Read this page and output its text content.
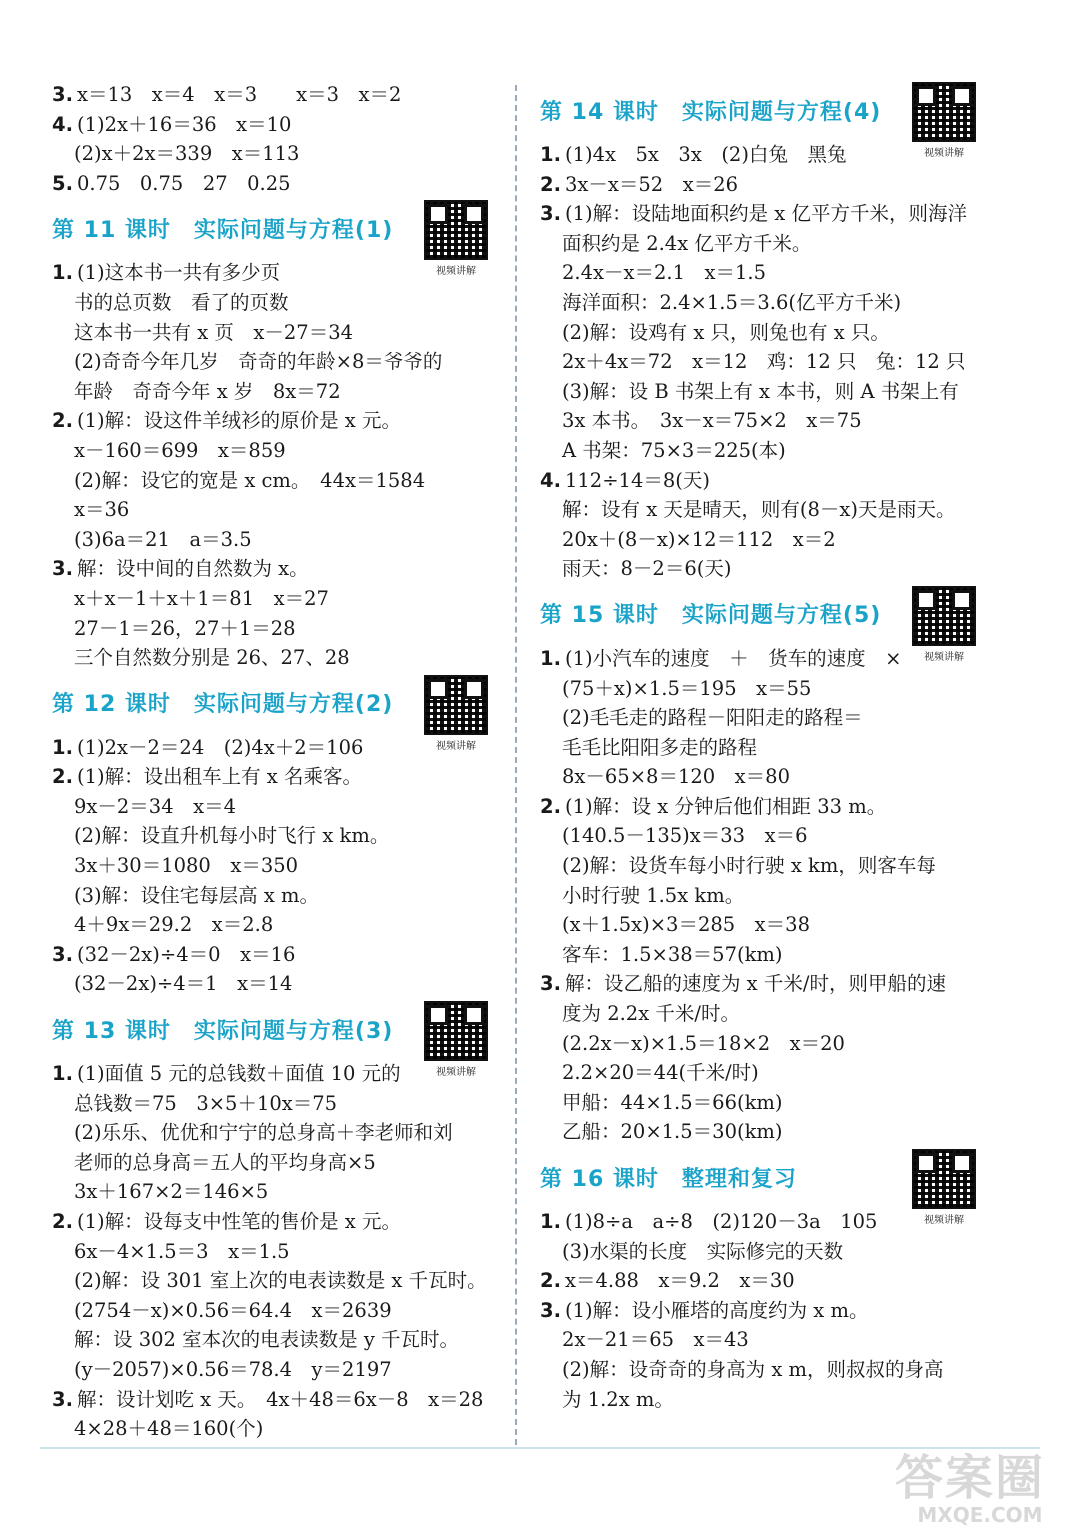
3. x＝13　x＝4　x＝3　　x＝3　x＝2
4. (1)2x＋16＝36　x＝10
(2)x＋2x＝339　x＝113
5. 0.75　0.75　27　0.25
第 11 课时　实际问题与方程(1)
视频讲解
1. (1)这本书一共有多少页
书的总页数　看了的页数
这本书一共有 x 页　x－27＝34
(2)奇奇今年几岁　奇奇的年龄×8＝爷爷的
年龄　奇奇今年 x 岁　8x＝72
2. (1)解：设这件羊绒衫的原价是 x 元。
x－160＝699　x＝859
(2)解：设它的宽是 x cm。　44x＝1584
x＝36
(3)6a＝21　a＝3.5
3. 解：设中间的自然数为 x。
x＋x－1＋x＋1＝81　x＝27
27－1＝26，27＋1＝28
三个自然数分别是 26、27、28
第 12 课时　实际问题与方程(2)
视频讲解
1. (1)2x－2＝24　(2)4x＋2＝106
2. (1)解：设出租车上有 x 名乘客。
9x－2＝34　x＝4
(2)解：设直升机每小时飞行 x km。
3x＋30＝1080　x＝350
(3)解：设住宅每层高 x m。
4＋9x＝29.2　x＝2.8
3. (32－2x)÷4＝0　x＝16
(32－2x)÷4＝1　x＝14
第 13 课时　实际问题与方程(3)
视频讲解
1. (1)面值 5 元的总钱数＋面值 10 元的
总钱数＝75　3×5＋10x＝75
(2)乐乐、优优和宁宁的总身高＋李老师和刘
老师的总身高＝五人的平均身高×5
3x＋167×2＝146×5
2. (1)解：设每支中性笔的售价是 x 元。
6x－4×1.5＝3　x＝1.5
(2)解：设 301 室上次的电表读数是 x 千瓦时。
(2754－x)×0.56＝64.4　x＝2639
解：设 302 室本次的电表读数是 y 千瓦时。
(y－2057)×0.56＝78.4　y＝2197
3. 解：设计划吃 x 天。　4x＋48＝6x－8　x＝28
4×28＋48＝160(个)
第 14 课时　实际问题与方程(4)
视频讲解
1. (1)4x　5x　3x　(2)白兔　黑兔
2. 3x－x＝52　x＝26
3. (1)解：设陆地面积约是 x 亿平方千米，则海洋
面积约是 2.4x 亿平方千米。
2.4x－x＝2.1　x＝1.5
海洋面积：2.4×1.5＝3.6(亿平方千米)
(2)解：设鸡有 x 只，则兔也有 x 只。
2x＋4x＝72　x＝12　鸡：12 只　兔：12 只
(3)解：设 B 书架上有 x 本书，则 A 书架上有
3x 本书。　3x－x＝75×2　x＝75
A 书架：75×3＝225(本)
4. 112÷14＝8(天)
解：设有 x 天是晴天，则有(8－x)天是雨天。
20x＋(8－x)×12＝112　x＝2
雨天：8－2＝6(天)
第 15 课时　实际问题与方程(5)
视频讲解
1. (1)小汽车的速度　＋　货车的速度　×
(75＋x)×1.5＝195　x＝55
(2)毛毛走的路程－阳阳走的路程＝
毛毛比阳阳多走的路程
8x－65×8＝120　x＝80
2. (1)解：设 x 分钟后他们相距 33 m。
(140.5－135)x＝33　x＝6
(2)解：设货车每小时行驶 x km，则客车每
小时行驶 1.5x km。
(x＋1.5x)×3＝285　x＝38
客车：1.5×38＝57(km)
3. 解：设乙船的速度为 x 千米/时，则甲船的速
度为 2.2x 千米/时。
(2.2x－x)×1.5＝18×2　x＝20
2.2×20＝44(千米/时)
甲船：44×1.5＝66(km)
乙船：20×1.5＝30(km)
第 16 课时　整理和复习
视频讲解
1. (1)8÷a　a÷8　(2)120－3a　105
(3)水渠的长度　实际修完的天数
2. x＝4.88　x＝9.2　x＝30
3. (1)解：设小雁塔的高度约为 x m。
2x－21＝65　x＝43
(2)解：设奇奇的身高为 x m，则叔叔的身高
为 1.2x m。
答案圈
MXQE.COM
